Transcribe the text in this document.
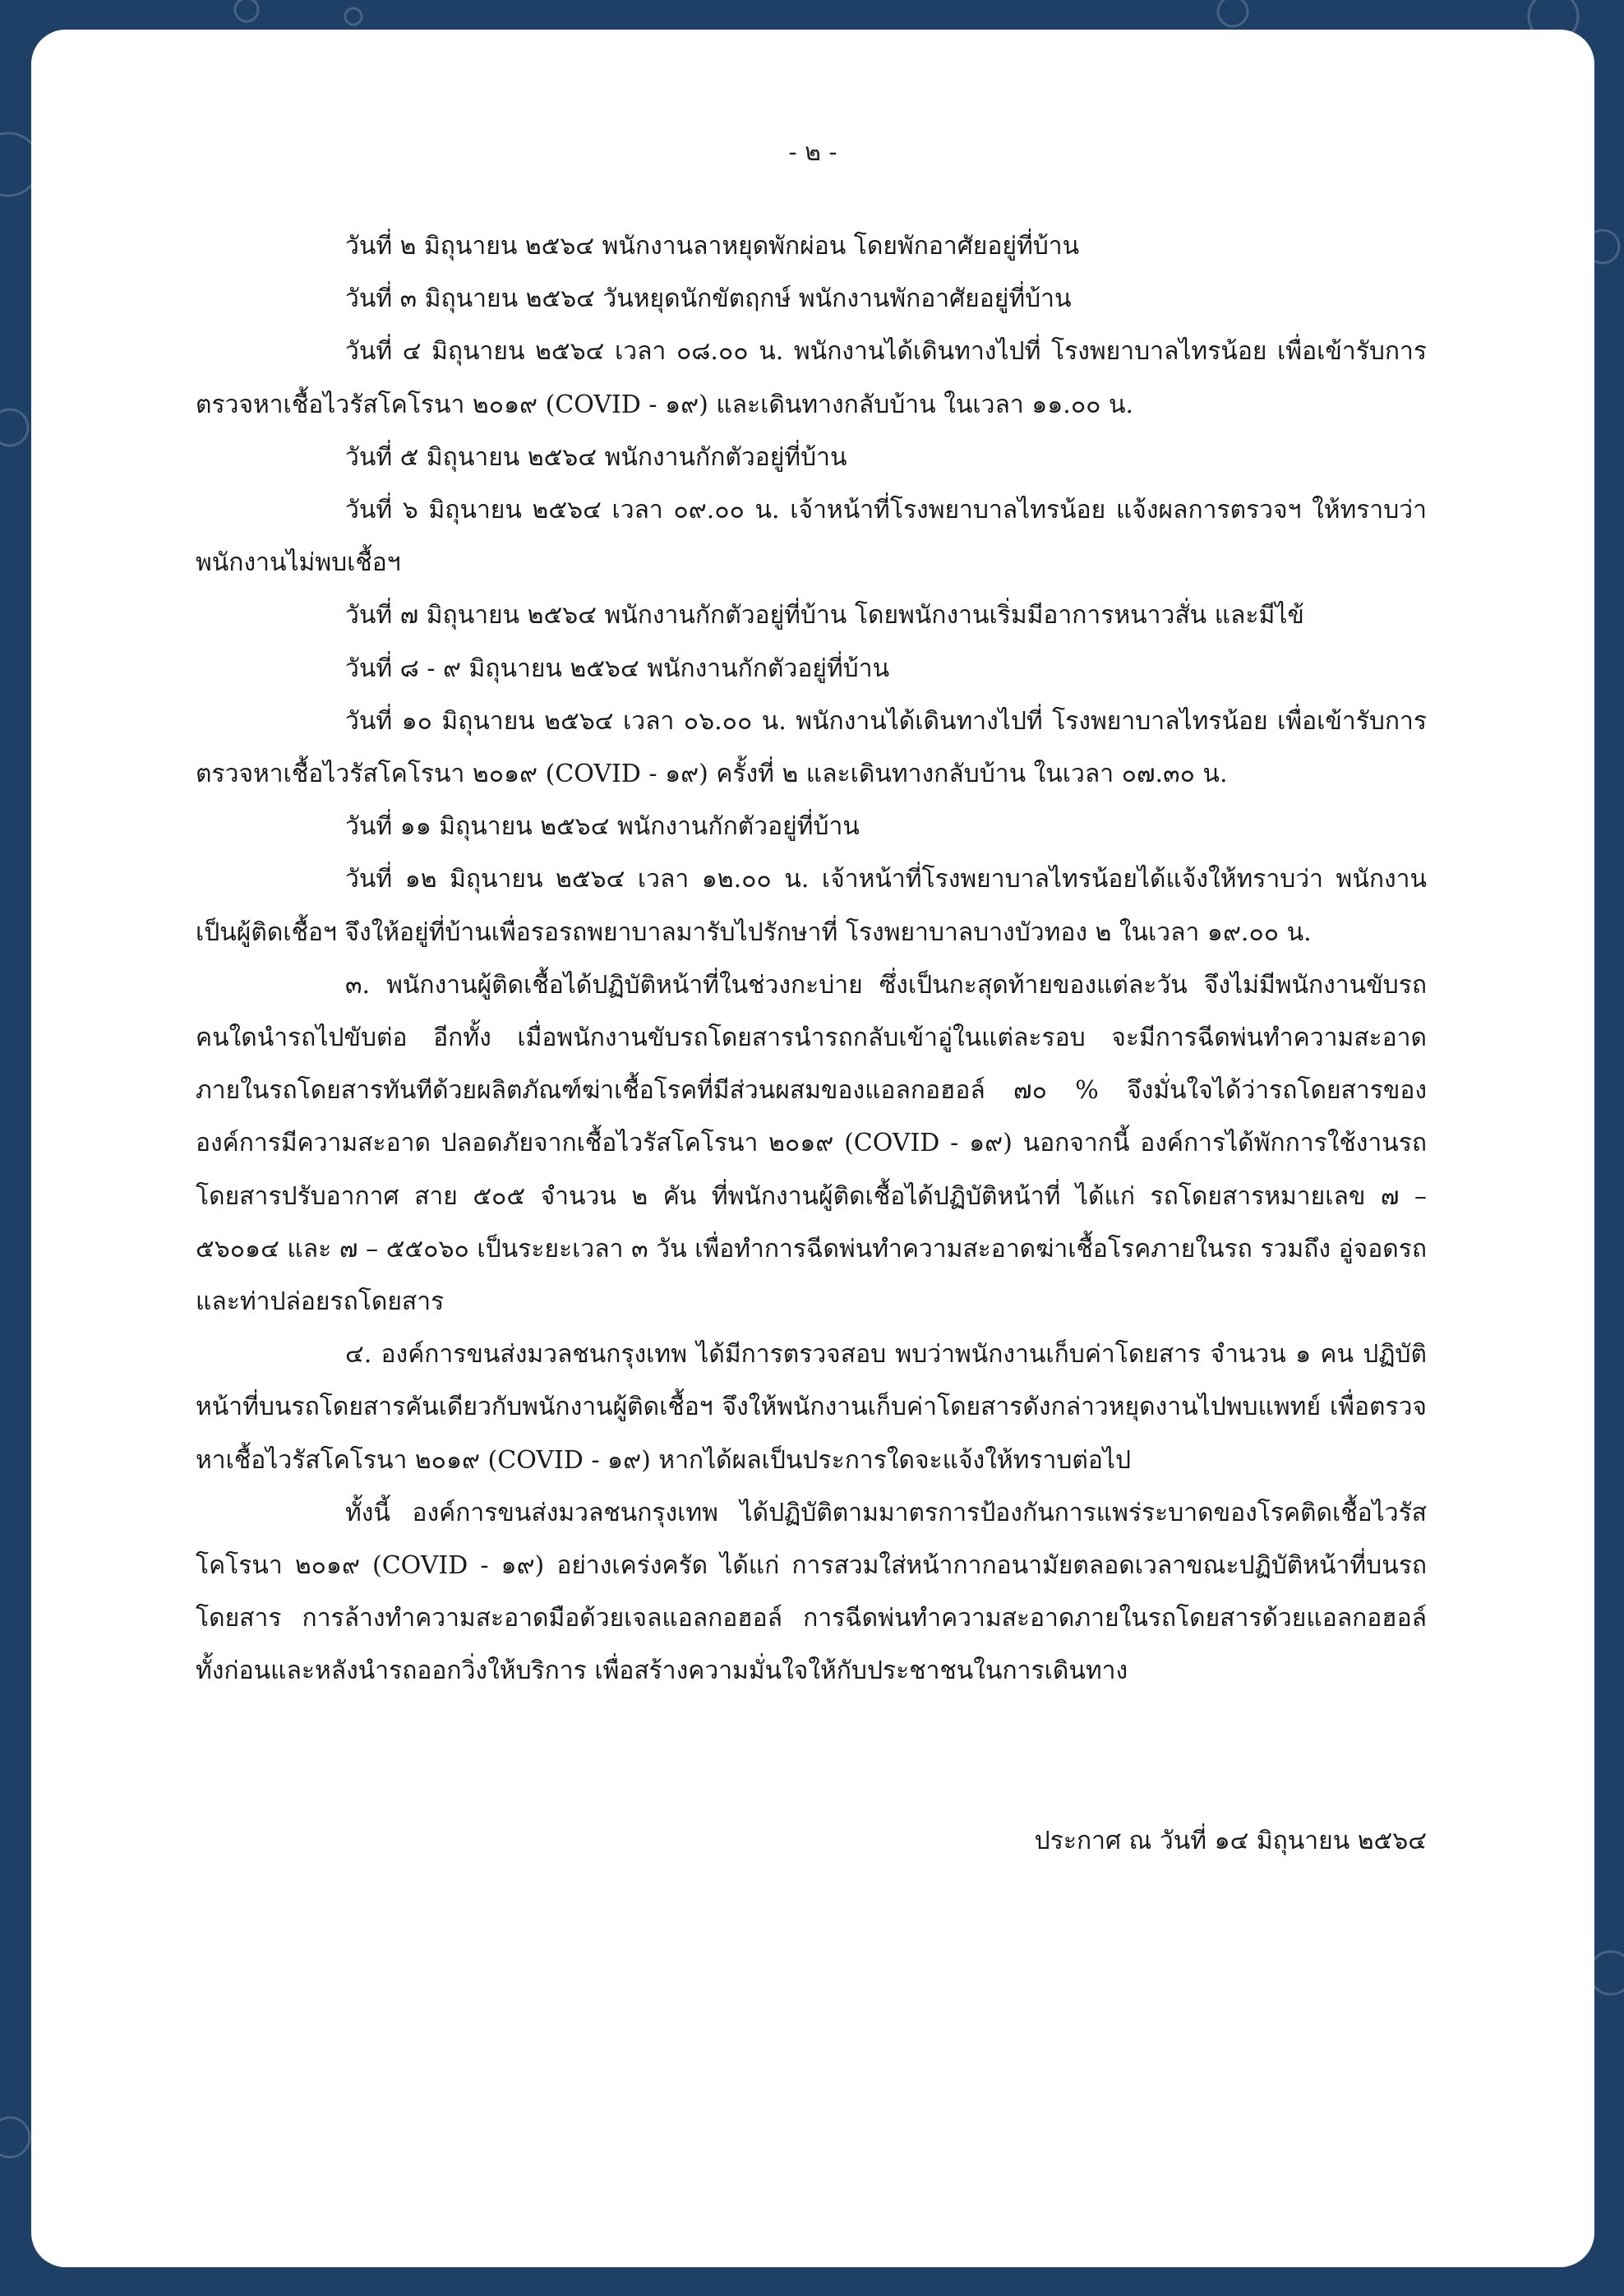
- ๒ -

วันที่ ๒ มิถุนายน ๒๕๖๔ พนักงานลาหยุดพักผ่อน โดยพักอาศัยอยู่ที่บ้าน

วันที่ ๓ มิถุนายน ๒๕๖๔ วันหยุดนักขัตฤกษ์ พนักงานพักอาศัยอยู่ที่บ้าน

วันที่ ๔ มิถุนายน ๒๕๖๔ เวลา ๐๘.๐๐ น. พนักงานได้เดินทางไปที่ โรงพยาบาลไทรน้อย เพื่อเข้ารับการตรวจหาเชื้อไวรัสโคโรนา ๒๐๑๙ (COVID - ๑๙) และเดินทางกลับบ้าน ในเวลา ๑๑.๐๐ น.

วันที่ ๕ มิถุนายน ๒๕๖๔ พนักงานกักตัวอยู่ที่บ้าน

วันที่ ๖ มิถุนายน ๒๕๖๔ เวลา ๐๙.๐๐ น. เจ้าหน้าที่โรงพยาบาลไทรน้อย แจ้งผลการตรวจฯ ให้ทราบว่า พนักงานไม่พบเชื้อฯ

วันที่ ๗ มิถุนายน ๒๕๖๔ พนักงานกักตัวอยู่ที่บ้าน โดยพนักงานเริ่มมีอาการหนาวสั่น และมีไข้

วันที่ ๘ - ๙ มิถุนายน ๒๕๖๔ พนักงานกักตัวอยู่ที่บ้าน

วันที่ ๑๐ มิถุนายน ๒๕๖๔ เวลา ๐๖.๐๐ น. พนักงานได้เดินทางไปที่ โรงพยาบาลไทรน้อย เพื่อเข้ารับการตรวจหาเชื้อไวรัสโคโรนา ๒๐๑๙ (COVID - ๑๙) ครั้งที่ ๒ และเดินทางกลับบ้าน ในเวลา ๐๗.๓๐ น.

วันที่ ๑๑ มิถุนายน ๒๕๖๔ พนักงานกักตัวอยู่ที่บ้าน

วันที่ ๑๒ มิถุนายน ๒๕๖๔ เวลา ๑๒.๐๐ น. เจ้าหน้าที่โรงพยาบาลไทรน้อยได้แจ้งให้ทราบว่า พนักงานเป็นผู้ติดเชื้อฯ จึงให้อยู่ที่บ้านเพื่อรอรถพยาบาลมารับไปรักษาที่ โรงพยาบาลบางบัวทอง ๒ ในเวลา ๑๙.๐๐ น.

๓. พนักงานผู้ติดเชื้อได้ปฏิบัติหน้าที่ในช่วงกะบ่าย ซึ่งเป็นกะสุดท้ายของแต่ละวัน จึงไม่มีพนักงานขับรถคนใดนำรถไปขับต่อ อีกทั้ง เมื่อพนักงานขับรถโดยสารนำรถกลับเข้าอู่ในแต่ละรอบ จะมีการฉีดพ่นทำความสะอาดภายในรถโดยสารทันทีด้วยผลิตภัณฑ์ฆ่าเชื้อโรคที่มีส่วนผสมของแอลกอฮอล์ ๗๐ % จึงมั่นใจได้ว่ารถโดยสารขององค์การมีความสะอาด ปลอดภัยจากเชื้อไวรัสโคโรนา ๒๐๑๙ (COVID - ๑๙) นอกจากนี้ องค์การได้พักการใช้งานรถโดยสารปรับอากาศ สาย ๕๐๕ จำนวน ๒ คัน ที่พนักงานผู้ติดเชื้อได้ปฏิบัติหน้าที่ ได้แก่ รถโดยสารหมายเลข ๗ – ๕๖๐๑๔ และ ๗ – ๕๕๐๖๐ เป็นระยะเวลา ๓ วัน เพื่อทำการฉีดพ่นทำความสะอาดฆ่าเชื้อโรคภายในรถ รวมถึง อู่จอดรถและท่าปล่อยรถโดยสาร

๔. องค์การขนส่งมวลชนกรุงเทพ ได้มีการตรวจสอบ พบว่าพนักงานเก็บค่าโดยสาร จำนวน ๑ คน ปฏิบัติหน้าที่บนรถโดยสารคันเดียวกับพนักงานผู้ติดเชื้อฯ จึงให้พนักงานเก็บค่าโดยสารดังกล่าวหยุดงานไปพบแพทย์ เพื่อตรวจหาเชื้อไวรัสโคโรนา ๒๐๑๙ (COVID - ๑๙) หากได้ผลเป็นประการใดจะแจ้งให้ทราบต่อไป

ทั้งนี้ องค์การขนส่งมวลชนกรุงเทพ ได้ปฏิบัติตามมาตรการป้องกันการแพร่ระบาดของโรคติดเชื้อไวรัสโคโรนา ๒๐๑๙ (COVID - ๑๙) อย่างเคร่งครัด ได้แก่ การสวมใส่หน้ากากอนามัยตลอดเวลาขณะปฏิบัติหน้าที่บนรถโดยสาร การล้างทำความสะอาดมือด้วยเจลแอลกอฮอล์ การฉีดพ่นทำความสะอาดภายในรถโดยสารด้วยแอลกอฮอล์ ทั้งก่อนและหลังนำรถออกวิ่งให้บริการ เพื่อสร้างความมั่นใจให้กับประชาชนในการเดินทาง

ประกาศ ณ วันที่ ๑๔ มิถุนายน ๒๕๖๔
